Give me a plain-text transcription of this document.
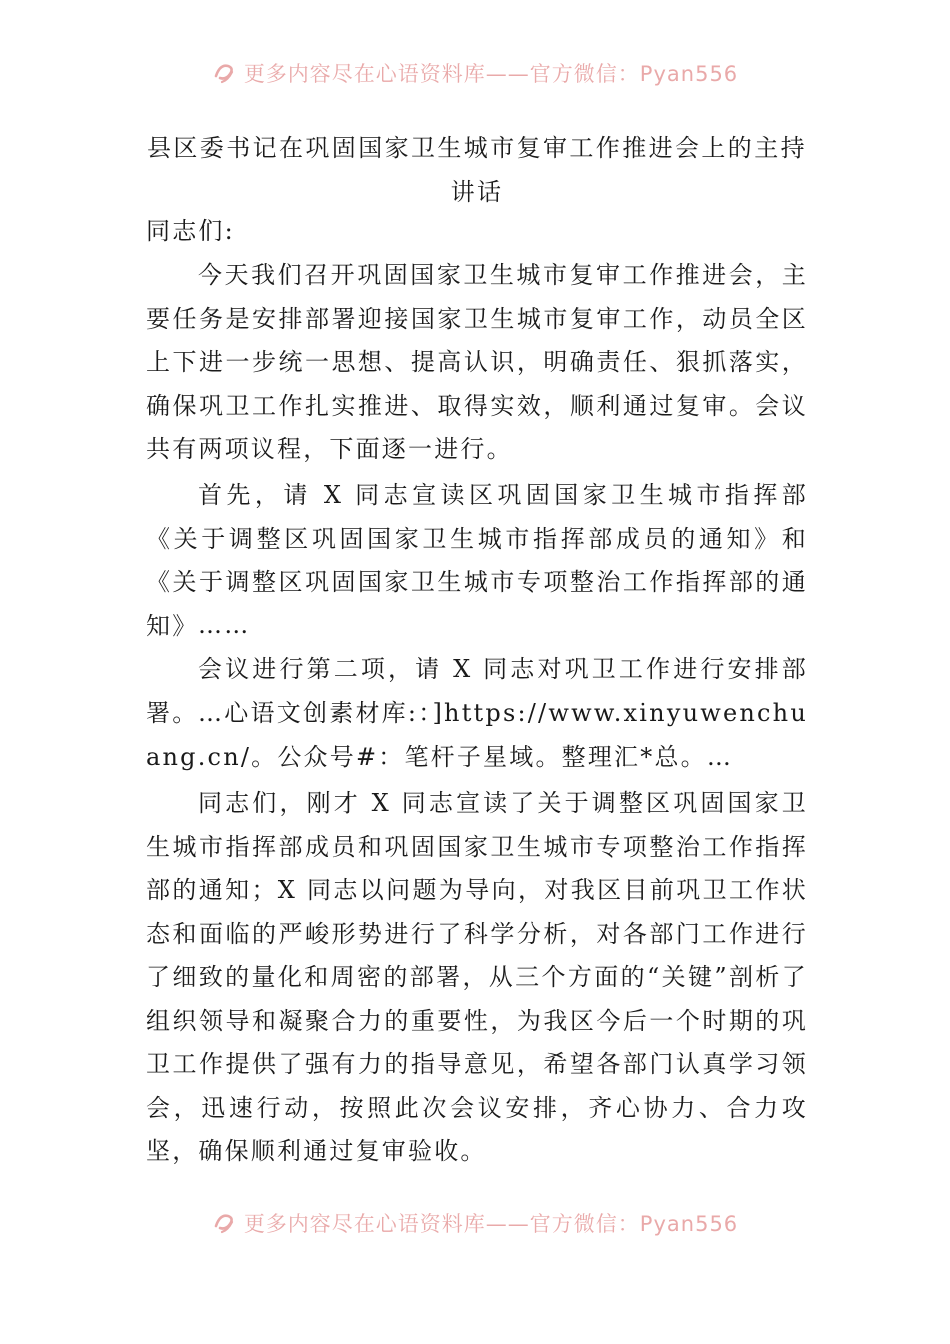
更多内容尽在心语资料库——官方微信：Pyan556
县区委书记在巩固国家卫生城市复审工作推进会上的主持讲话

同志们:

今天我们召开巩固国家卫生城市复审工作推进会，主要任务是安排部署迎接国家卫生城市复审工作，动员全区上下进一步统一思想、提高认识，明确责任、狠抓落实，确保巩卫工作扎实推进、取得实效，顺利通过复审。会议共有两项议程，下面逐一进行。

首先，请 X 同志宣读区巩固国家卫生城市指挥部《关于调整区巩固国家卫生城市指挥部成员的通知》和《关于调整区巩固国家卫生城市专项整治工作指挥部的通知》 ……

会议进行第二项，请 X 同志对巩卫工作进行安排部署。 …心语文创素材库:：]https://www.xinyuwenchuang.cn/。公众号#：笔杆子星域。整理汇*总。…

同志们，刚才 X 同志宣读了关于调整区巩固国家卫生城市指挥部成员和巩固国家卫生城市专项整治工作指挥部的通知；X 同志以问题为导向，对我区目前巩卫工作状态和面临的严峻形势进行了科学分析，对各部门工作进行了细致的量化和周密的部署，从三个方面的“关键”剖析了组织领导和凝聚合力的重要性，为我区今后一个时期的巩卫工作提供了强有力的指导意见，希望各部门认真学习领会，迅速行动，按照此次会议安排，齐心协力、合力攻坚，确保顺利通过复审验收。

更多内容尽在心语资料库——官方微信：Pyan556
